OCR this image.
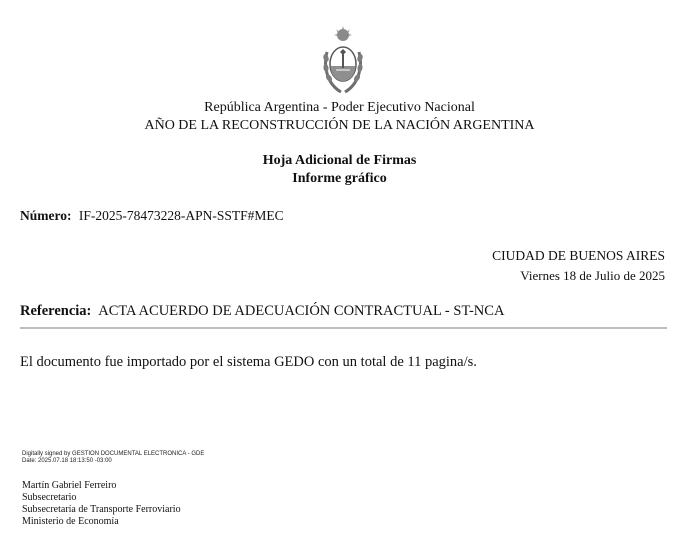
República Argentina - Poder Ejecutivo Nacional
AÑO DE LA RECONSTRUCCIÓN DE LA NACIÓN ARGENTINA
Hoja Adicional de Firmas
Informe gráfico
Número: IF-2025-78473228-APN-SSTF#MEC
CIUDAD DE BUENOS AIRES
Viernes 18 de Julio de 2025
Referencia: ACTA ACUERDO DE ADECUACIÓN CONTRACTUAL - ST-NCA
El documento fue importado por el sistema GEDO con un total de 11 pagina/s.
Digitally signed by GESTION DOCUMENTAL ELECTRONICA - GDE
Date: 2025.07.18 18:13:50 -03:00
Martín Gabriel Ferreiro
Subsecretario
Subsecretaría de Transporte Ferroviario
Ministerio de Economía
